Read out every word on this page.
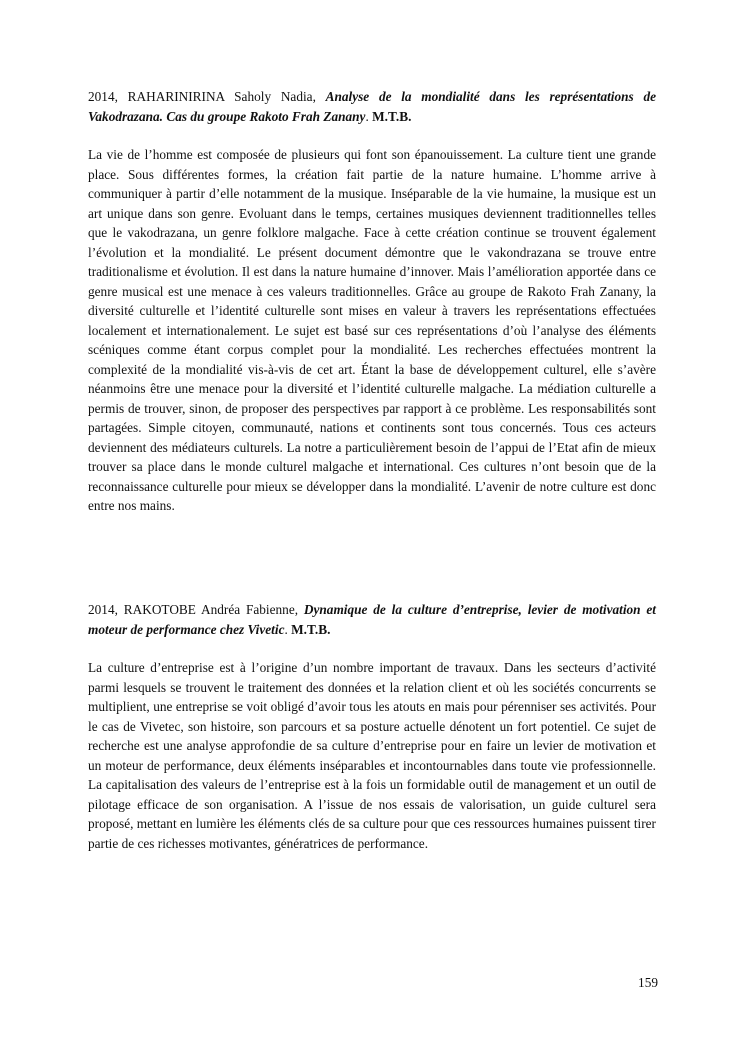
2014, RAHARINIRINA Saholy Nadia, Analyse de la mondialité dans les représentations de Vakodrazana. Cas du groupe Rakoto Frah Zanany. M.T.B.

La vie de l’homme est composée de plusieurs qui font son épanouissement. La culture tient une grande place. Sous différentes formes, la création fait partie de la nature humaine. L’homme arrive à communiquer à partir d’elle notamment de la musique. Inséparable de la vie humaine, la musique est un art unique dans son genre. Evoluant dans le temps, certaines musiques deviennent traditionnelles telles que le vakodrazana, un genre folklore malgache. Face à cette création continue se trouvent également l’évolution et la mondialité. Le présent document démontre que le vakondrazana se trouve entre traditionalisme et évolution. Il est dans la nature humaine d’innover. Mais l’amélioration apportée dans ce genre musical est une menace à ces valeurs traditionnelles. Grâce au groupe de Rakoto Frah Zanany, la diversité culturelle et l’identité culturelle sont mises en valeur à travers les représentations effectuées localement et internationalement. Le sujet est basé sur ces représentations d’où l’analyse des éléments scéniques comme étant corpus complet pour la mondialité. Les recherches effectuées montrent la complexité de la mondialité vis-à-vis de cet art. Étant la base de développement culturel, elle s’avère néanmoins être une menace pour la diversité et l’identité culturelle malgache. La médiation culturelle a permis de trouver, sinon, de proposer des perspectives par rapport à ce problème. Les responsabilités sont partagées. Simple citoyen, communauté, nations et continents sont tous concernés. Tous ces acteurs deviennent des médiateurs culturels. La notre a particulièrement besoin de l’appui de l’Etat afin de mieux trouver sa place dans le monde culturel malgache et international. Ces cultures n’ont besoin que de la reconnaissance culturelle pour mieux se développer dans la mondialité. L’avenir de notre culture est donc entre nos mains.

2014, RAKOTOBE Andréa Fabienne, Dynamique de la culture d’entreprise, levier de motivation et moteur de performance chez Vivetic. M.T.B.

La culture d’entreprise est à l’origine d’un nombre important de travaux. Dans les secteurs d’activité parmi lesquels se trouvent le traitement des données et la relation client et où les sociétés concurrents se multiplient, une entreprise se voit obligé d’avoir tous les atouts en mais pour pérenniser ses activités. Pour le cas de Vivetec, son histoire, son parcours et sa posture actuelle dénotent un fort potentiel. Ce sujet de recherche est une analyse approfondie de sa culture d’entreprise pour en faire un levier de motivation et un moteur de performance, deux éléments inséparables et incontournables dans toute vie professionnelle. La capitalisation des valeurs de l’entreprise est à la fois un formidable outil de management et un outil de pilotage efficace de son organisation. A l’issue de nos essais de valorisation, un guide culturel sera proposé, mettant en lumière les éléments clés de sa culture pour que ces ressources humaines puissent tirer partie de ces richesses motivantes, génératrices de performance.

159
